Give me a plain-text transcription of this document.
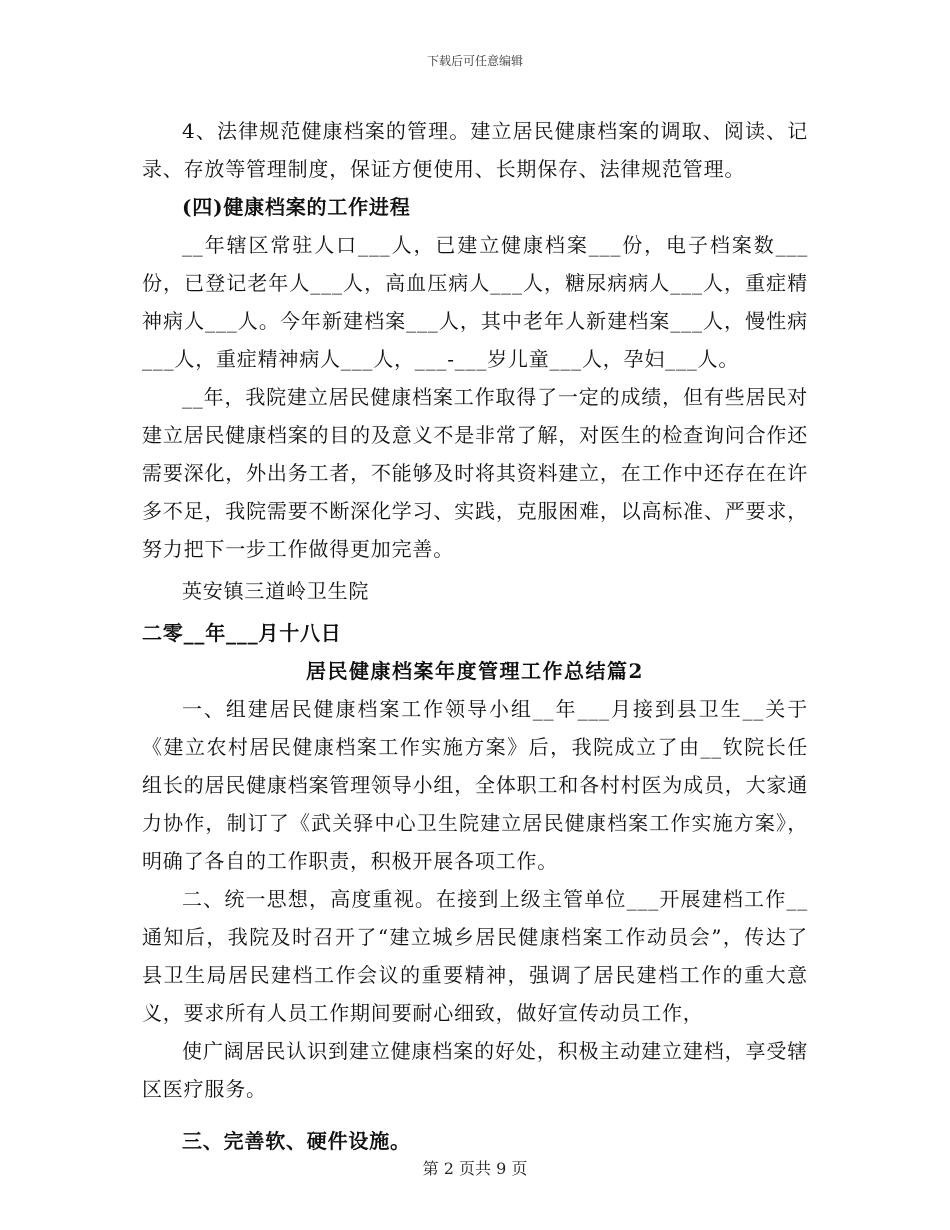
下载后可任意编辑

4、法律规范健康档案的管理。建立居民健康档案的调取、阅读、记录、存放等管理制度，保证方便使用、长期保存、法律规范管理。

(四)健康档案的工作进程

__年辖区常驻人口___人，已建立健康档案___份，电子档案数___份，已登记老年人___人，高血压病人___人，糖尿病病人___人，重症精神病人___人。今年新建档案___人，其中老年人新建档案___人，慢性病___人，重症精神病人___人，___-___岁儿童___人，孕妇___人。

__年，我院建立居民健康档案工作取得了一定的成绩，但有些居民对建立居民健康档案的目的及意义不是非常了解，对医生的检查询问合作还需要深化，外出务工者，不能够及时将其资料建立，在工作中还存在在许多不足，我院需要不断深化学习、实践，克服困难，以高标准、严要求，努力把下一步工作做得更加完善。

英安镇三道岭卫生院

二零__年___月十八日

居民健康档案年度管理工作总结篇2

一、组建居民健康档案工作领导小组__年___月接到县卫生__关于《建立农村居民健康档案工作实施方案》后，我院成立了由__钦院长任组长的居民健康档案管理领导小组，全体职工和各村村医为成员，大家通力协作，制订了《武关驿中心卫生院建立居民健康档案工作实施方案》，明确了各自的工作职责，积极开展各项工作。

二、统一思想，高度重视。在接到上级主管单位___开展建档工作__通知后，我院及时召开了“建立城乡居民健康档案工作动员会”，传达了县卫生局居民建档工作会议的重要精神，强调了居民建档工作的重大意义，要求所有人员工作期间要耐心细致，做好宣传动员工作，

使广阔居民认识到建立健康档案的好处，积极主动建立建档，享受辖区医疗服务。

三、完善软、硬件设施。

第 2 页共 9 页
